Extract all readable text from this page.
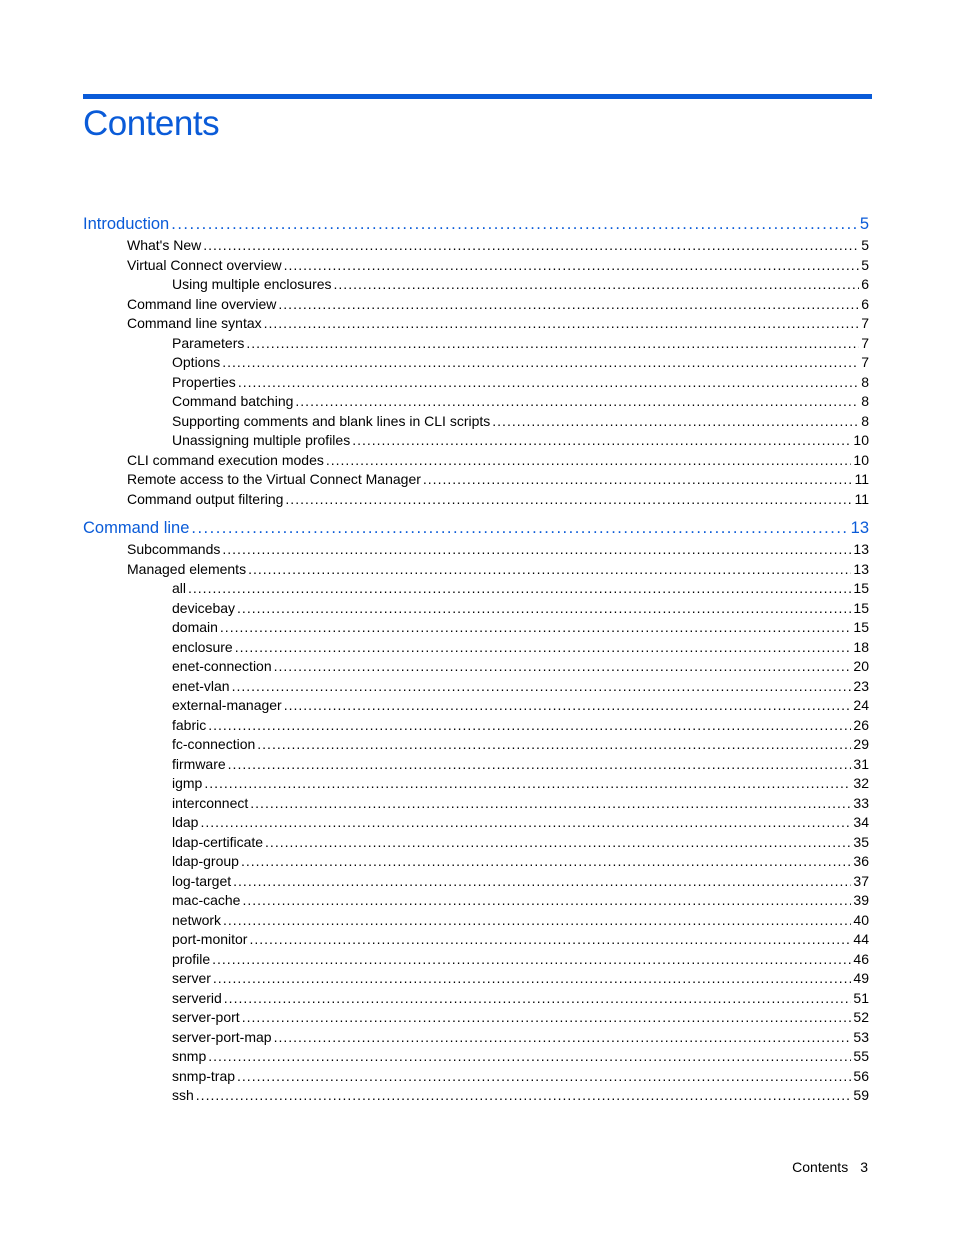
Contents
Introduction .....	5
What's New .....	5
Virtual Connect overview .....	5
Using multiple enclosures .....	6
Command line overview .....	6
Command line syntax .....	7
Parameters .....	7
Options .....	7
Properties .....	8
Command batching .....	8
Supporting comments and blank lines in CLI scripts .....	8
Unassigning multiple profiles .....	10
CLI command execution modes .....	10
Remote access to the Virtual Connect Manager .....	11
Command output filtering .....	11
Command line .....	13
Subcommands .....	13
Managed elements .....	13
all .....	15
devicebay .....	15
domain .....	15
enclosure .....	18
enet-connection .....	20
enet-vlan .....	23
external-manager .....	24
fabric .....	26
fc-connection .....	29
firmware .....	31
igmp .....	32
interconnect .....	33
ldap .....	34
ldap-certificate .....	35
ldap-group .....	36
log-target .....	37
mac-cache .....	39
network .....	40
port-monitor .....	44
profile .....	46
server .....	49
serverid .....	51
server-port .....	52
server-port-map .....	53
snmp .....	55
snmp-trap .....	56
ssh .....	59
Contents 3
